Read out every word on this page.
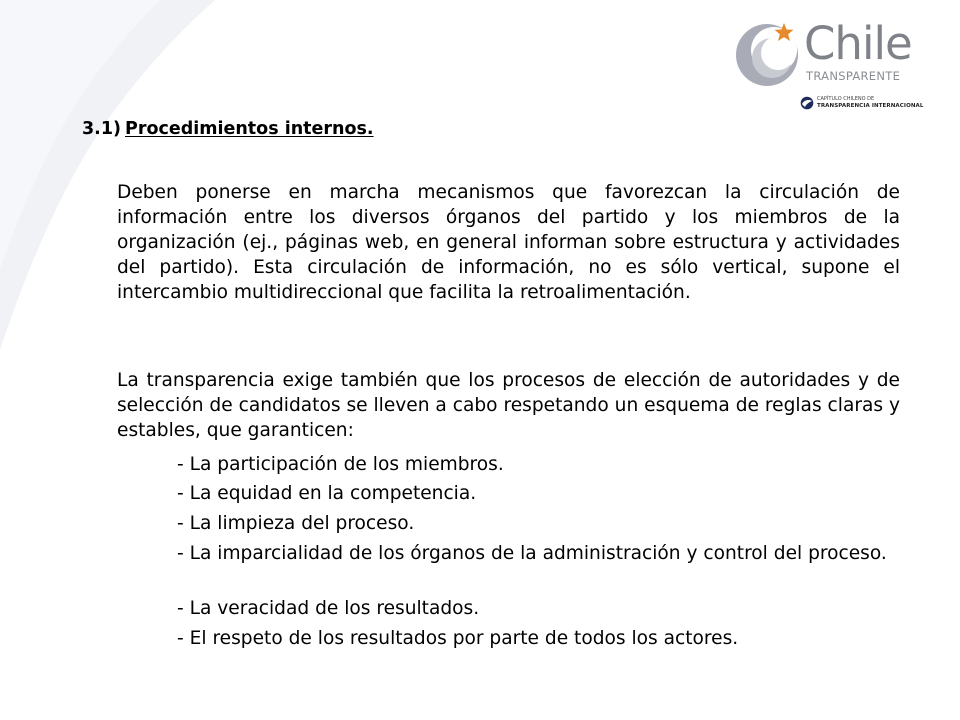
Chile
TRANSPARENTE
CAPÍTULO CHILENO DE
TRANSPARENCIA INTERNACIONAL
3.1) Procedimientos internos.

Deben ponerse en marcha mecanismos que favorezcan la circulación de información entre los diversos órganos del partido y los miembros de la organización (ej., páginas web, en general informan sobre estructura y actividades del partido). Esta circulación de información, no es sólo vertical, supone el intercambio multidireccional que facilita la retroalimentación.

La transparencia exige también que los procesos de elección de autoridades y de selección de candidatos se lleven a cabo respetando un esquema de reglas claras y estables, que garanticen:

- La participación de los miembros.
- La equidad en la competencia.
- La limpieza del proceso.
- La imparcialidad de los órganos de la administración y control del proceso.
- La veracidad de los resultados.
- El respeto de los resultados por parte de todos los actores.
